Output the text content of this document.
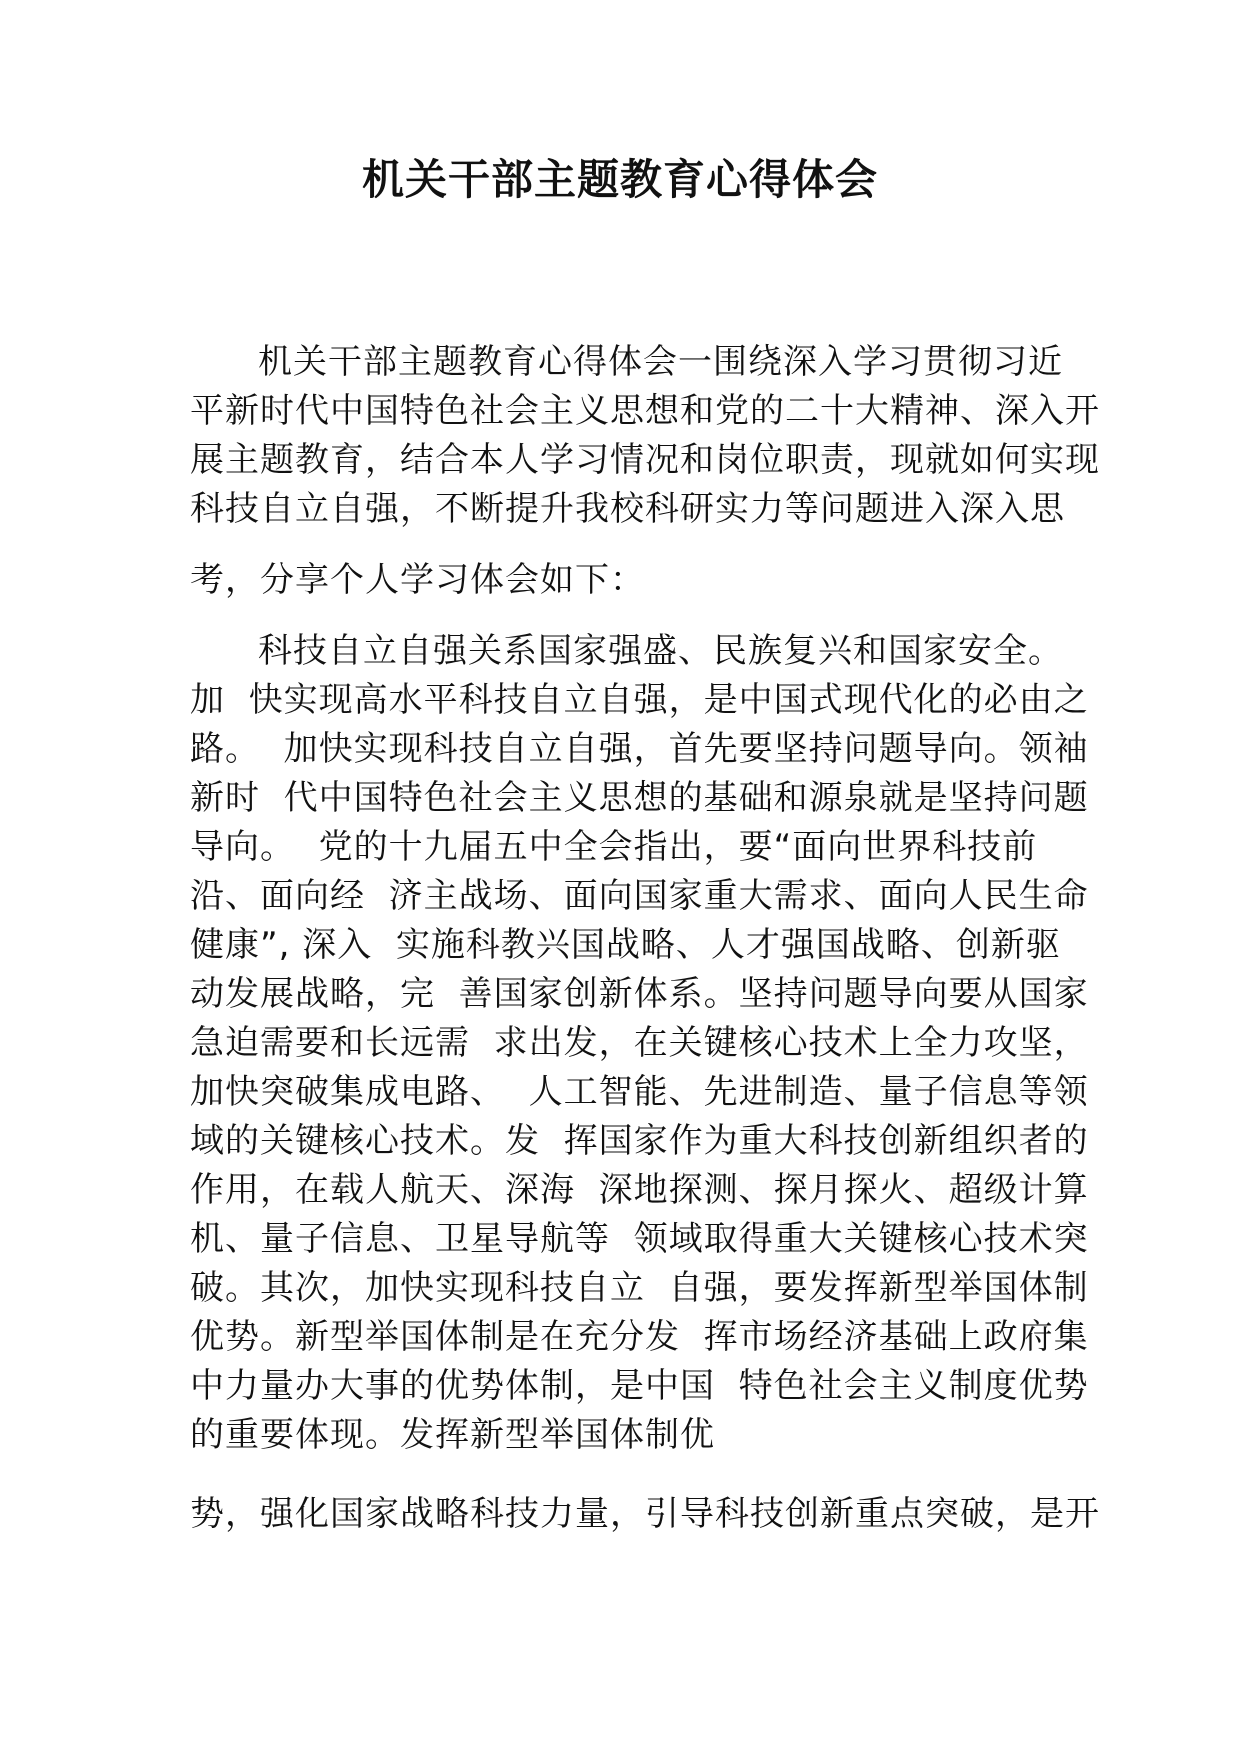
机关干部主题教育心得体会
机关干部主题教育心得体会一围绕深入学习贯彻习近
平新时代中国特色社会主义思想和党的二十大精神、深入开
展主题教育，结合本人学习情况和岗位职责，现就如何实现
科技自立自强，不断提升我校科研实力等问题进入深入思
考，分享个人学习体会如下：
科技自立自强关系国家强盛、民族复兴和国家安全。
加  快实现高水平科技自立自强，是中国式现代化的必由之
路。  加快实现科技自立自强，首先要坚持问题导向。领袖
新时  代中国特色社会主义思想的基础和源泉就是坚持问题
导向。  党的十九届五中全会指出，要“面向世界科技前
沿、面向经  济主战场、面向国家重大需求、面向人民生命
健康”, 深入  实施科教兴国战略、人才强国战略、创新驱
动发展战略，完  善国家创新体系。坚持问题导向要从国家
急迫需要和长远需  求出发，在关键核心技术上全力攻坚，
加快突破集成电路、  人工智能、先进制造、量子信息等领
域的关键核心技术。发  挥国家作为重大科技创新组织者的
作用，在载人航天、深海  深地探测、探月探火、超级计算
机、量子信息、卫星导航等  领域取得重大关键核心技术突
破。其次，加快实现科技自立  自强，要发挥新型举国体制
优势。新型举国体制是在充分发  挥市场经济基础上政府集
中力量办大事的优势体制，是中国  特色社会主义制度优势
的重要体现。发挥新型举国体制优
势，强化国家战略科技力量，引导科技创新重点突破，是开
